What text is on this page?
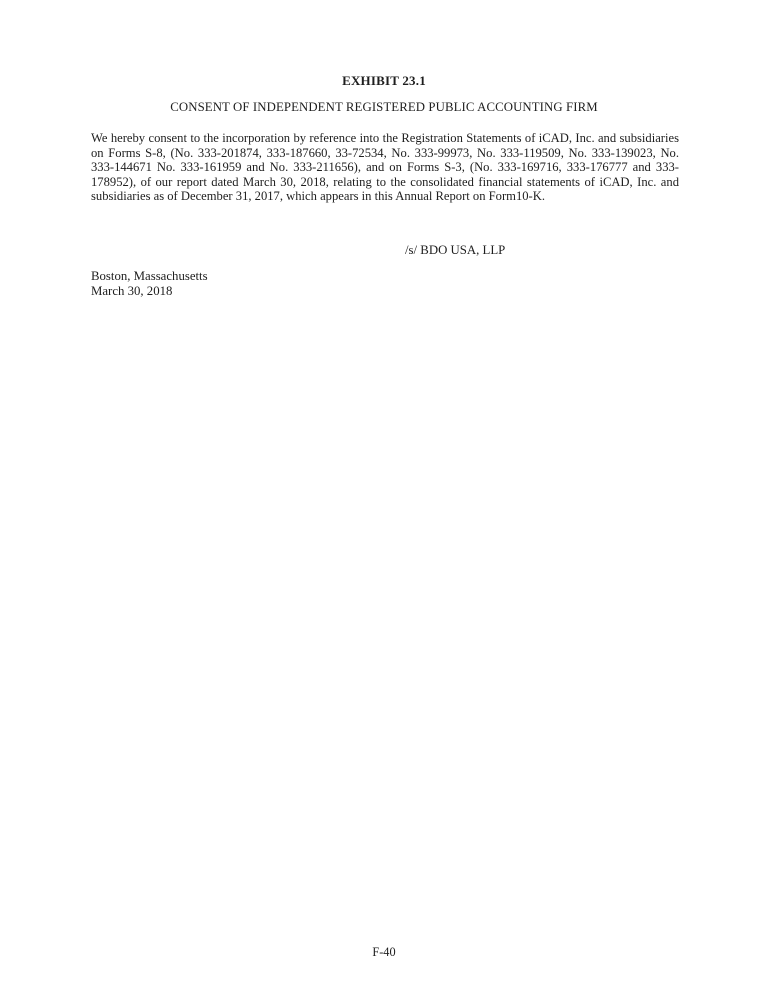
EXHIBIT 23.1
CONSENT OF INDEPENDENT REGISTERED PUBLIC ACCOUNTING FIRM
We hereby consent to the incorporation by reference into the Registration Statements of iCAD, Inc. and subsidiaries on Forms S-8, (No. 333-201874, 333-187660, 33-72534, No. 333-99973, No. 333-119509, No. 333-139023, No. 333-144671 No. 333-161959 and No. 333-211656), and on Forms S-3, (No. 333-169716, 333-176777 and 333-178952), of our report dated March 30, 2018, relating to the consolidated financial statements of iCAD, Inc. and subsidiaries as of December 31, 2017, which appears in this Annual Report on Form10-K.
/s/ BDO USA, LLP
Boston, Massachusetts
March 30, 2018
F-40
